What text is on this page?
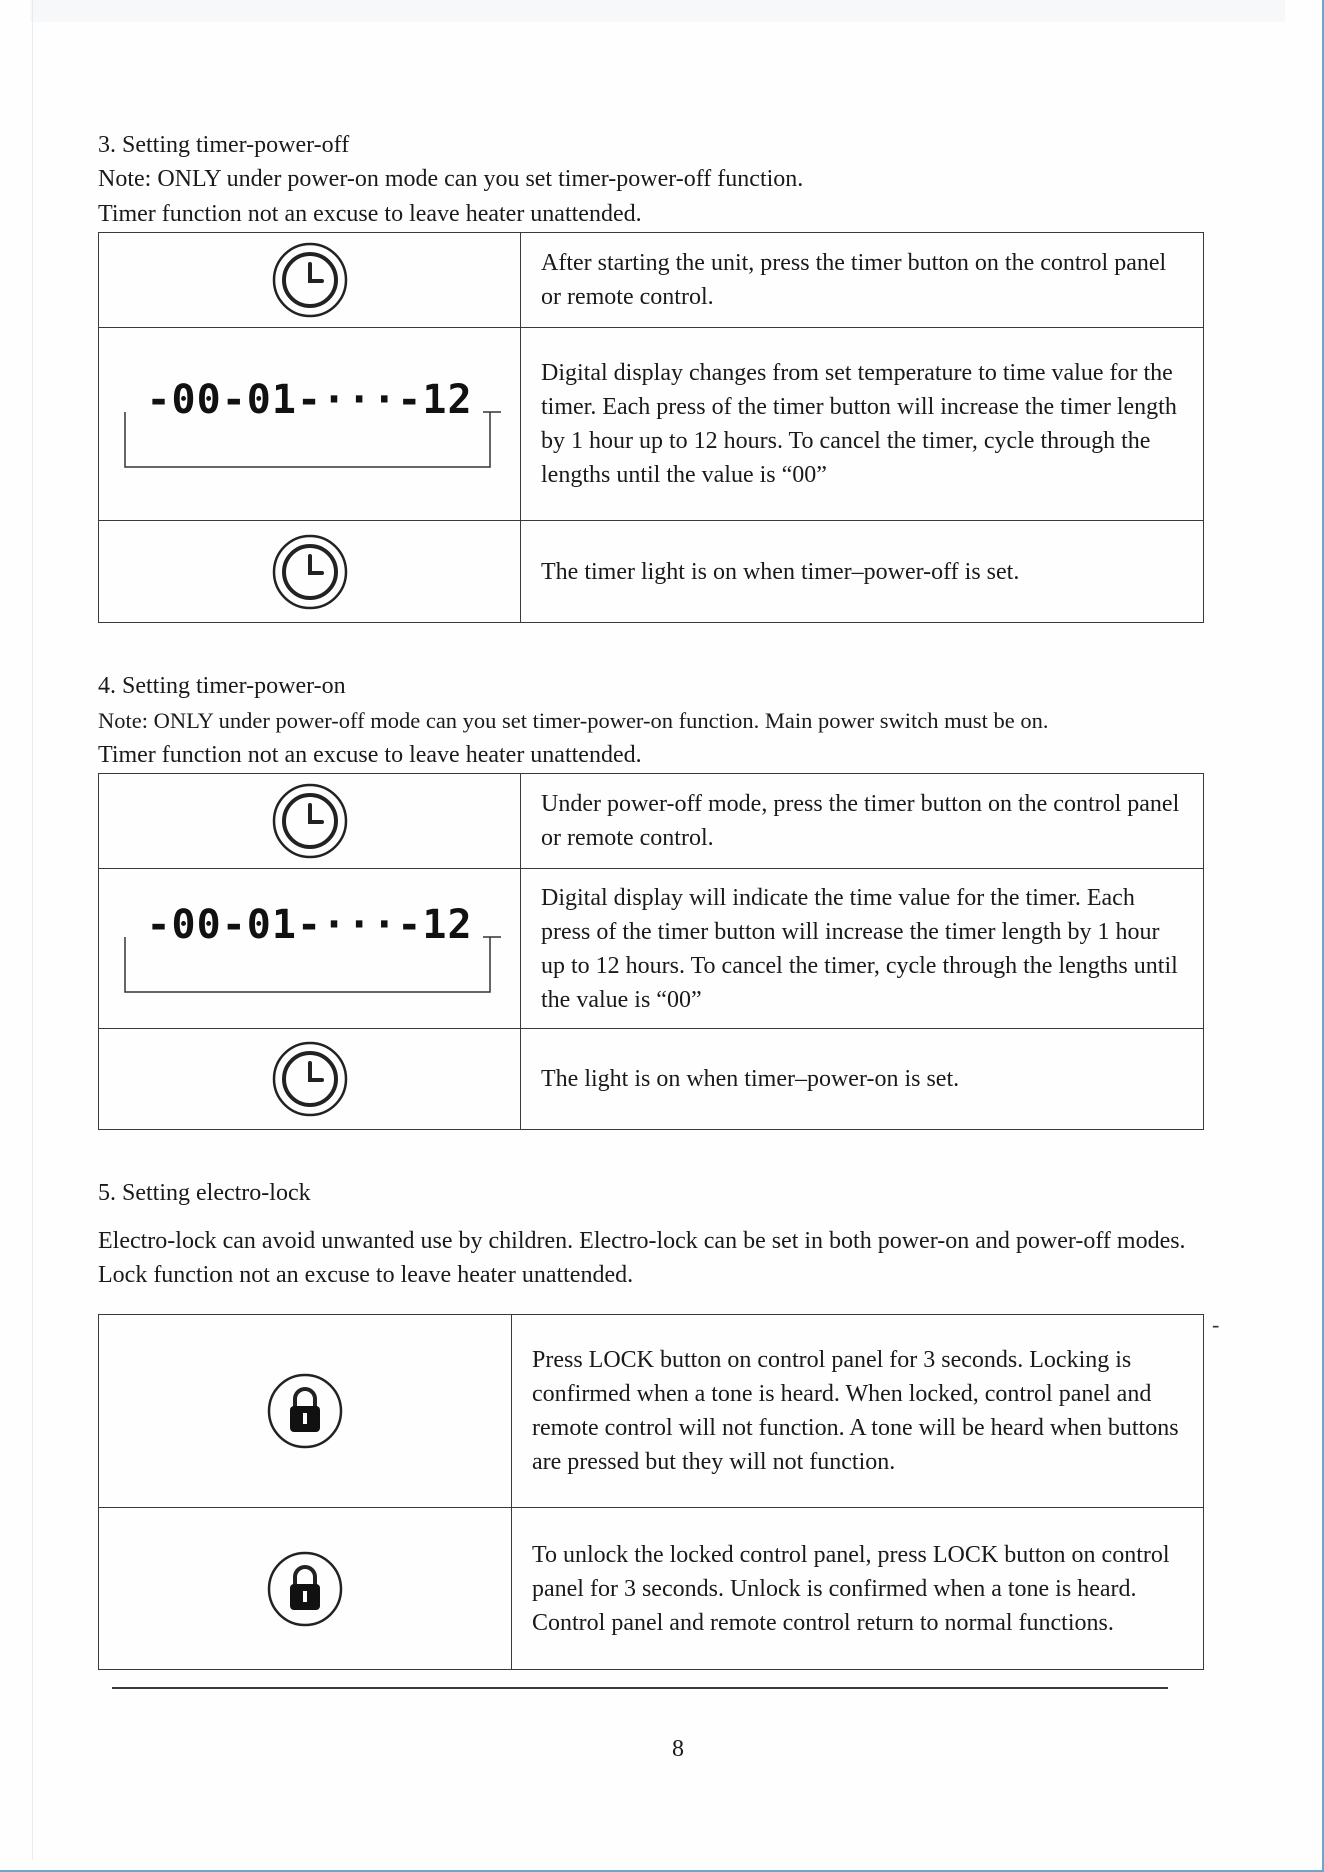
3. Setting timer-power-off
Note: ONLY under power-on mode can you set timer-power-off function.
Timer function not an excuse to leave heater unattended.
	After starting the unit, press the timer button on the control panel or remote control.

-00-01-···-12	Digital display changes from set temperature to time value for the timer. Each press of the timer button will increase the timer length by 1 hour up to 12 hours. To cancel the timer, cycle through the lengths until the value is “00”
	The timer light is on when timer–power-off is set.
4. Setting timer-power-on
Note: ONLY under power-off mode can you set timer-power-on function. Main power switch must be on.
Timer function not an excuse to leave heater unattended.
	Under power-off mode, press the timer button on the control panel or remote control.

-00-01-···-12	Digital display will indicate the time value for the timer. Each press of the timer button will increase the timer length by 1 hour up to 12 hours. To cancel the timer, cycle through the lengths until the value is “00”
	The light is on when timer–power-on is set.
5. Setting electro-lock
Electro-lock can avoid unwanted use by children. Electro-lock can be set in both power-on and power-off modes. Lock function not an excuse to leave heater unattended.
	Press LOCK button on control panel for 3 seconds. Locking is confirmed when a tone is heard. When locked, control panel and remote control will not function. A tone will be heard when buttons are pressed but they will not function.
	To unlock the locked control panel, press LOCK button on control panel for 3 seconds. Unlock is confirmed when a tone is heard. Control panel and remote control return to normal functions.
-
8
